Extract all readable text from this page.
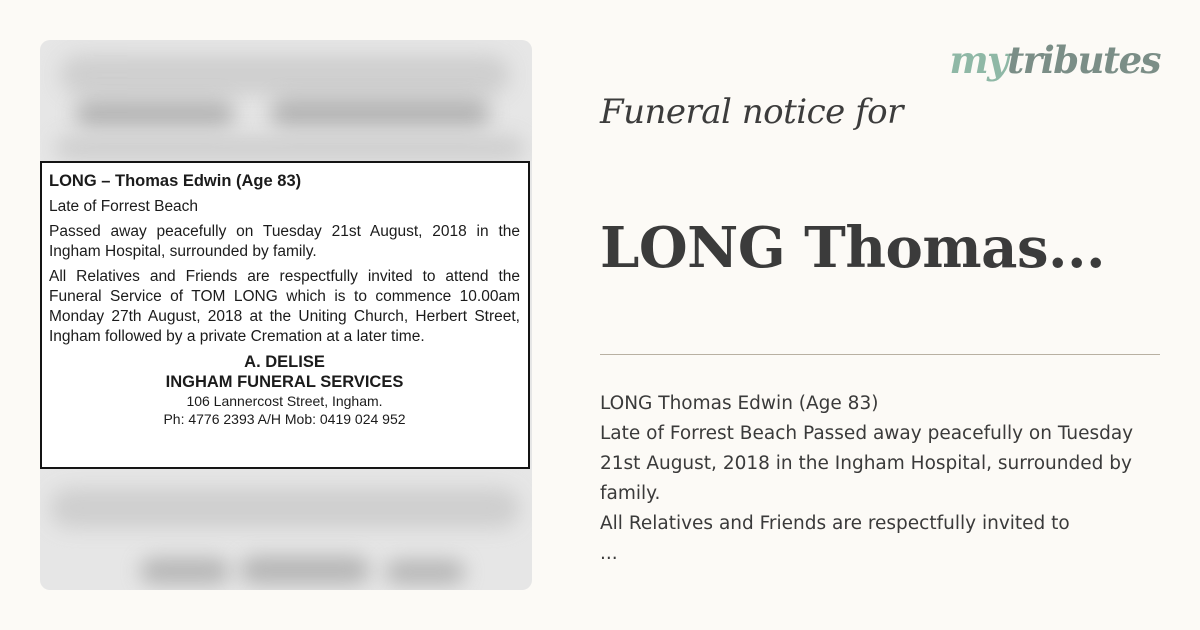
LONG – Thomas Edwin (Age 83)
Late of Forrest Beach
Passed away peacefully on Tuesday 21st August, 2018 in the Ingham Hospital, surrounded by family.
All Relatives and Friends are respectfully invited to attend the Funeral Service of TOM LONG which is to commence 10.00am Monday 27th August, 2018 at the Uniting Church, Herbert Street, Ingham followed by a private Cremation at a later time.
A. DELISE
INGHAM FUNERAL SERVICES
106 Lannercost Street, Ingham.
Ph: 4776 2393 A/H Mob: 0419 024 952
mytributes
Funeral notice for
LONG Thomas...
LONG Thomas Edwin (Age 83)
Late of Forrest Beach Passed away peacefully on Tuesday
21st August, 2018 in the Ingham Hospital, surrounded by
family.
All Relatives and Friends are respectfully invited to
...
